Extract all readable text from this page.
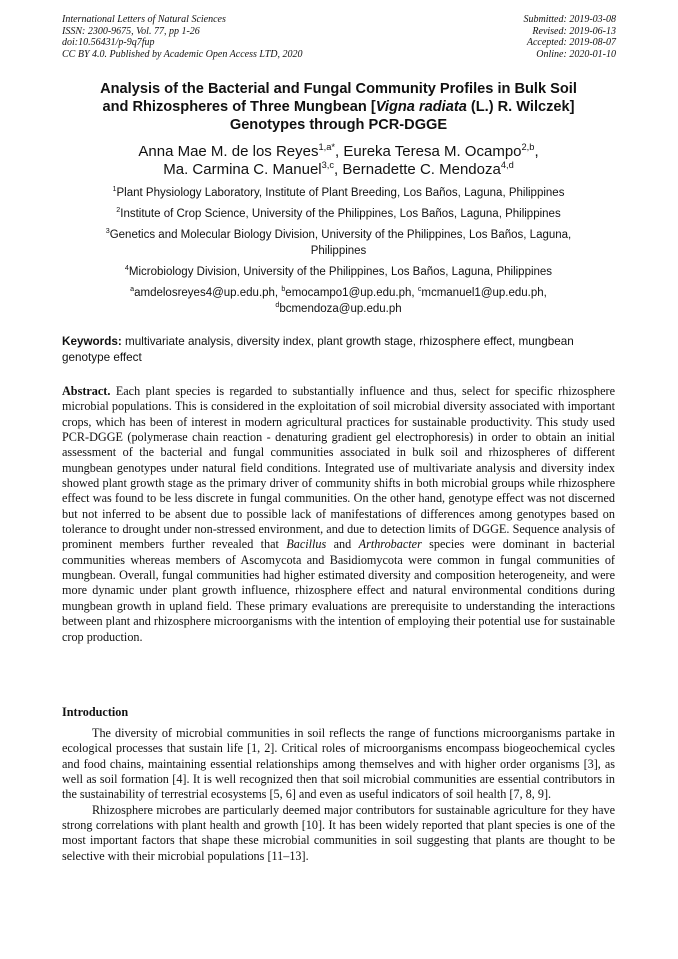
International Letters of Natural Sciences
ISSN: 2300-9675, Vol. 77, pp 1-26
doi:10.56431/p-9q7fup
CC BY 4.0. Published by Academic Open Access LTD, 2020
Submitted: 2019-03-08
Revised: 2019-06-13
Accepted: 2019-08-07
Online: 2020-01-10
Analysis of the Bacterial and Fungal Community Profiles in Bulk Soil
and Rhizospheres of Three Mungbean [Vigna radiata (L.) R. Wilczek]
Genotypes through PCR-DGGE
Anna Mae M. de los Reyes$^{1,a*}$, Eureka Teresa M. Ocampo$^{2,b}$,
Ma. Carmina C. Manuel$^{3,c}$, Bernadette C. Mendoza$^{4,d}$
$^1$Plant Physiology Laboratory, Institute of Plant Breeding, Los Baños, Laguna, Philippines
$^2$Institute of Crop Science, University of the Philippines, Los Baños, Laguna, Philippines
$^3$Genetics and Molecular Biology Division, University of the Philippines, Los Baños, Laguna,
Philippines
$^4$Microbiology Division, University of the Philippines, Los Baños, Laguna, Philippines
$^a$amdelosreyes4@up.edu.ph, $^b$emocampo1@up.edu.ph, $^c$mcmanuel1@up.edu.ph,
$^d$bcmendoza@up.edu.ph
Keywords: multivariate analysis, diversity index, plant growth stage, rhizosphere effect, mungbean genotype effect
Abstract. Each plant species is regarded to substantially influence and thus, select for specific rhizosphere microbial populations. This is considered in the exploitation of soil microbial diversity associated with important crops, which has been of interest in modern agricultural practices for sustainable productivity. This study used PCR-DGGE (polymerase chain reaction - denaturing gradient gel electrophoresis) in order to obtain an initial assessment of the bacterial and fungal communities associated in bulk soil and rhizospheres of different mungbean genotypes under natural field conditions. Integrated use of multivariate analysis and diversity index showed plant growth stage as the primary driver of community shifts in both microbial groups while rhizosphere effect was found to be less discrete in fungal communities. On the other hand, genotype effect was not discerned but not inferred to be absent due to possible lack of manifestations of differences among genotypes based on tolerance to drought under non-stressed environment, and due to detection limits of DGGE. Sequence analysis of prominent members further revealed that Bacillus and Arthrobacter species were dominant in bacterial communities whereas members of Ascomycota and Basidiomycota were common in fungal communities of mungbean. Overall, fungal communities had higher estimated diversity and composition heterogeneity, and were more dynamic under plant growth influence, rhizosphere effect and natural environmental conditions during mungbean growth in upland field. These primary evaluations are prerequisite to understanding the interactions between plant and rhizosphere microorganisms with the intention of employing their potential use for sustainable crop production.
Introduction

The diversity of microbial communities in soil reflects the range of functions microorganisms partake in ecological processes that sustain life [1, 2]. Critical roles of microorganisms encompass biogeochemical cycles and food chains, maintaining essential relationships among themselves and with higher order organisms [3], as well as soil formation [4]. It is well recognized then that soil microbial communities are essential contributors in the sustainability of terrestrial ecosystems [5, 6] and even as useful indicators of soil health [7, 8, 9].

Rhizosphere microbes are particularly deemed major contributors for sustainable agriculture for they have strong correlations with plant health and growth [10]. It has been widely reported that plant species is one of the most important factors that shape these microbial communities in soil suggesting that plants are thought to be selective with their microbial populations [11–13].
